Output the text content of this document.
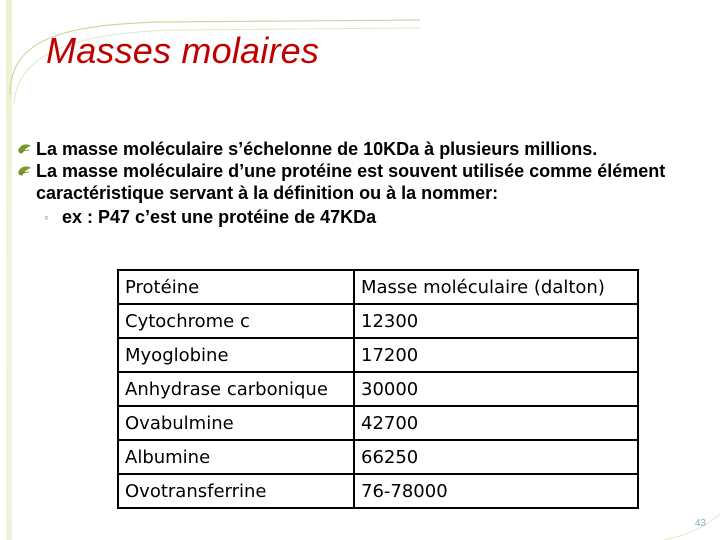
Masses molaires
La masse moléculaire s’échelonne de 10KDa à plusieurs millions.
La masse moléculaire d’une protéine est souvent utilisée comme élément caractéristique servant à la définition ou à la nommer:
◦ ex : P47 c’est une protéine de 47KDa
Protéine	Masse moléculaire (dalton)
Cytochrome c	12300
Myoglobine	17200
Anhydrase carbonique	30000
Ovabulmine	42700
Albumine	66250
Ovotransferrine	76-78000
43
